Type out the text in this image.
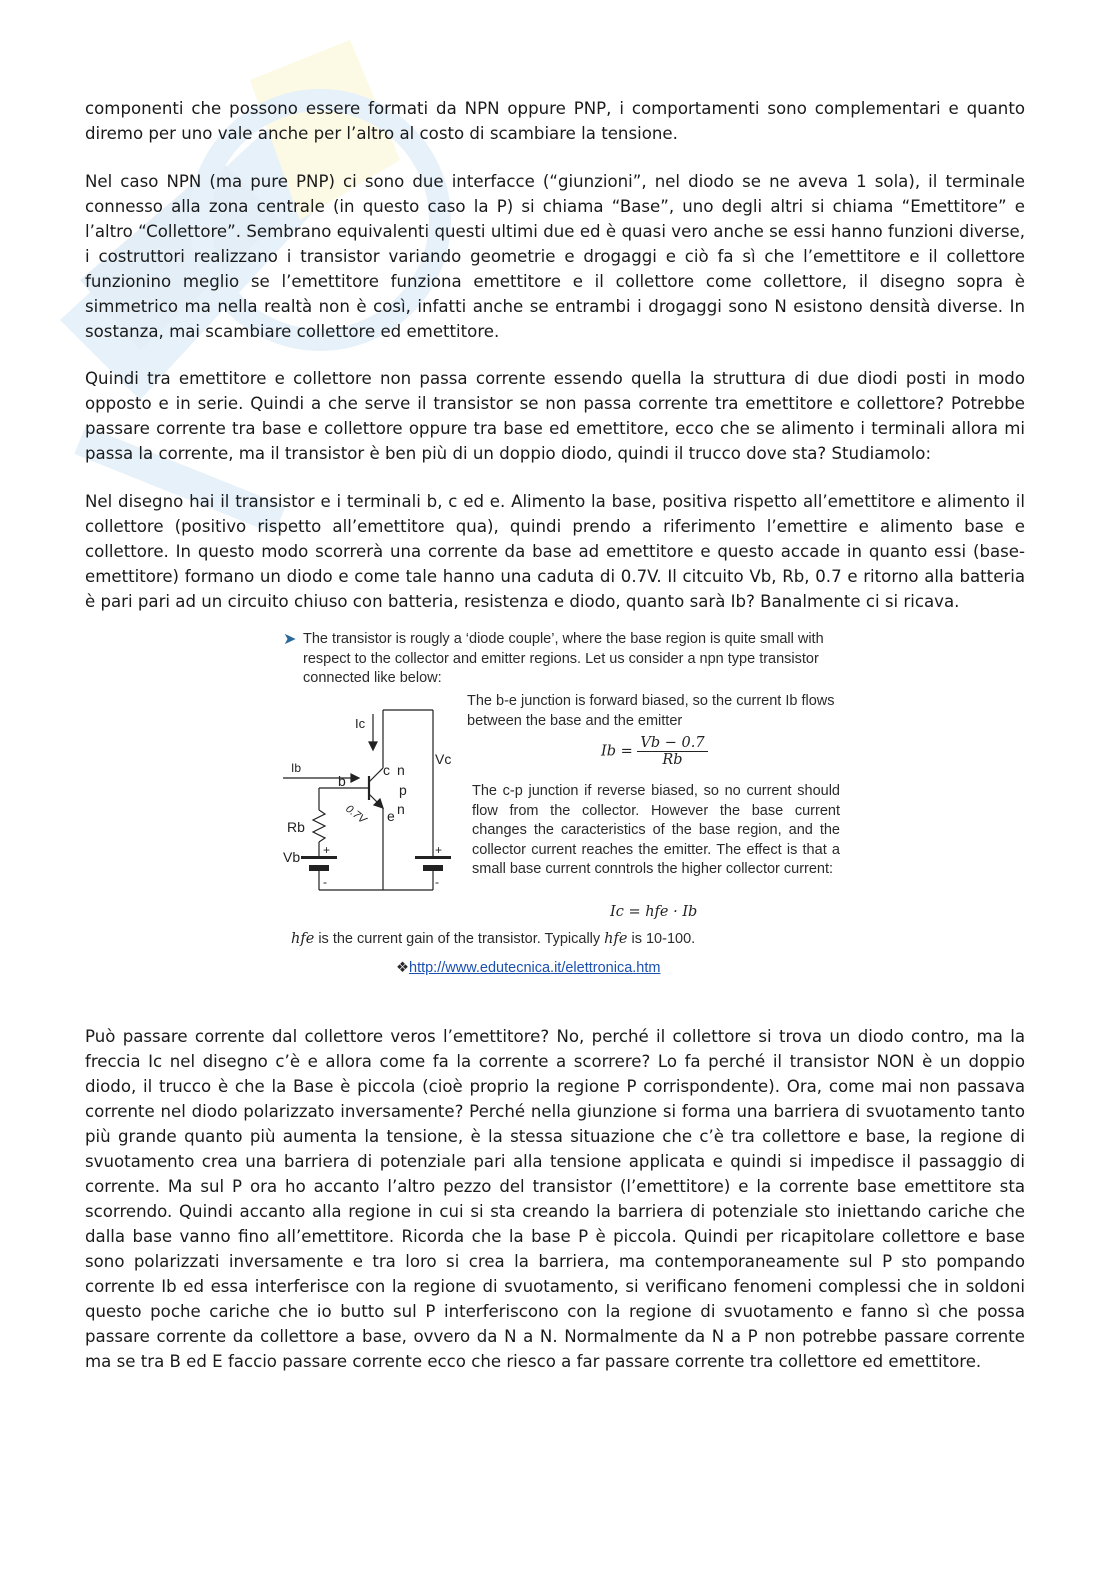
componenti che possono essere formati da NPN oppure PNP, i comportamenti sono complementari e quanto diremo per uno vale anche per l’altro al costo di scambiare la tensione.

Nel caso NPN (ma pure PNP) ci sono due interfacce (“giunzioni”, nel diodo se ne aveva 1 sola), il terminale connesso alla zona centrale (in questo caso la P) si chiama “Base”, uno degli altri si chiama “Emettitore” e l’altro “Collettore”. Sembrano equivalenti questi ultimi due ed è quasi vero anche se essi hanno funzioni diverse, i costruttori realizzano i transistor variando geometrie e drogaggi e ciò fa sì che l’emettitore e il collettore funzionino meglio se l’emettitore funziona emettitore e il collettore come collettore, il disegno sopra è simmetrico ma nella realtà non è così, infatti anche se entrambi i drogaggi sono N esistono densità diverse. In sostanza, mai scambiare collettore ed emettitore.

Quindi tra emettitore e collettore non passa corrente essendo quella la struttura di due diodi posti in modo opposto e in serie. Quindi a che serve il transistor se non passa corrente tra emettitore e collettore? Potrebbe passare corrente tra base e collettore oppure tra base ed emettitore, ecco che se alimento i terminali allora mi passa la corrente, ma il transistor è ben più di un doppio diodo, quindi il trucco dove sta? Studiamolo:

Nel disegno hai il transistor e i terminali b, c ed e. Alimento la base, positiva rispetto all’emettitore e alimento il collettore (positivo rispetto all’emettitore qua), quindi prendo a riferimento l’emettire e alimento base e collettore. In questo modo scorrerà una corrente da base ad emettitore e questo accade in quanto essi (base-emettitore) formano un diodo e come tale hanno una caduta di 0.7V. Il citcuito Vb, Rb, 0.7 e ritorno alla batteria è pari pari ad un circuito chiuso con batteria, resistenza e diodo, quanto sarà Ib? Banalmente ci si ricava.

➤ The transistor is rougly a ‘diode couple’, where the base region is quite small with respect to the collector and emitter regions. Let us consider a npn type transistor connected like below:
The b-e junction is forward biased, so the current Ib flows between the base and the emitter
$Ib = \frac{Vb - 0.7}{Rb}$
The c-p junction if reverse biased, so no current should flow from the collector. However the base current changes the caracteristics of the base region, and the collector current reaches the emitter. The effect is that a small base current conntrols the higher collector current:
Ic = hfe · Ib
Ic
Ib
b
c n
p
e n
0.7V
Vc
Rb
Vb +
-
+
-
hfe is the current gain of the transistor. Typically hfe is 10-100.
❖http://www.edutecnica.it/elettronica.htm

Può passare corrente dal collettore veros l’emettitore? No, perché il collettore si trova un diodo contro, ma la freccia Ic nel disegno c’è e allora come fa la corrente a scorrere? Lo fa perché il transistor NON è un doppio diodo, il trucco è che la Base è piccola (cioè proprio la regione P corrispondente). Ora, come mai non passava corrente nel diodo polarizzato inversamente? Perché nella giunzione si forma una barriera di svuotamento tanto più grande quanto più aumenta la tensione, è la stessa situazione che c’è tra collettore e base, la regione di svuotamento crea una barriera di potenziale pari alla tensione applicata e quindi si impedisce il passaggio di corrente. Ma sul P ora ho accanto l’altro pezzo del transistor (l’emettitore) e la corrente base emettitore sta scorrendo. Quindi accanto alla regione in cui si sta creando la barriera di potenziale sto iniettando cariche che dalla base vanno fino all’emettitore. Ricorda che la base P è piccola. Quindi per ricapitolare collettore e base sono polarizzati inversamente e tra loro si crea la barriera, ma contemporaneamente sul P sto pompando corrente Ib ed essa interferisce con la regione di svuotamento, si verificano fenomeni complessi che in soldoni questo poche cariche che io butto sul P interferiscono con la regione di svuotamento e fanno sì che possa passare corrente da collettore a base, ovvero da N a N. Normalmente da N a P non potrebbe passare corrente ma se tra B ed E faccio passare corrente ecco che riesco a far passare corrente tra collettore ed emettitore.
